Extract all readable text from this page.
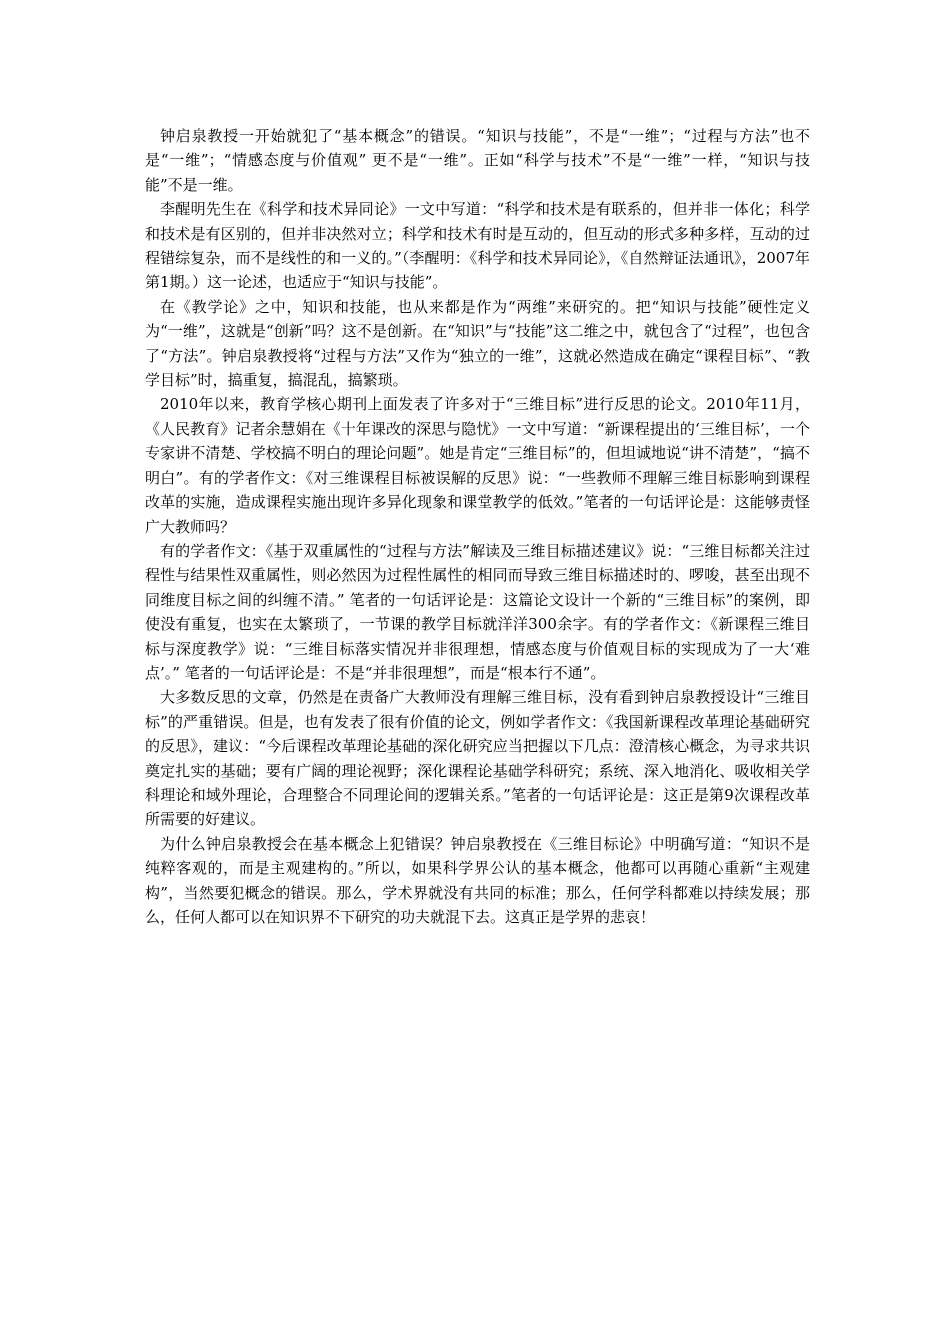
钟启泉教授一开始就犯了“基本概念”的错误。“知识与技能”，不是“一维”；“过程与方法”也不是“一维”；“情感态度与价值观” 更不是“一维”。正如“科学与技术”不是“一维”一样，“知识与技能”不是一维。

李醒明先生在《科学和技术异同论》一文中写道：“科学和技术是有联系的，但并非一体化；科学和技术是有区别的，但并非决然对立；科学和技术有时是互动的，但互动的形式多种多样，互动的过程错综复杂，而不是线性的和一义的。”（李醒明：《科学和技术异同论》，《自然辩证法通讯》，2007年第1期。）这一论述，也适应于“知识与技能”。

在《教学论》之中，知识和技能，也从来都是作为“两维”来研究的。把“知识与技能”硬性定义为“一维”，这就是“创新”吗？这不是创新。在“知识”与“技能”这二维之中，就包含了“过程”，也包含了“方法”。钟启泉教授将“过程与方法”又作为“独立的一维”，这就必然造成在确定“课程目标”、“教学目标”时，搞重复，搞混乱，搞繁琐。

2010年以来，教育学核心期刊上面发表了许多对于“三维目标”进行反思的论文。2010年11月，《人民教育》记者余慧娟在《十年课改的深思与隐忧》一文中写道：“新课程提出的‘三维目标’，一个专家讲不清楚、学校搞不明白的理论问题”。她是肯定“三维目标”的，但坦诚地说“讲不清楚”，“搞不明白”。有的学者作文：《对三维课程目标被误解的反思》说：“一些教师不理解三维目标影响到课程改革的实施，造成课程实施出现许多异化现象和课堂教学的低效。”笔者的一句话评论是：这能够责怪广大教师吗？

有的学者作文：《基于双重属性的“过程与方法”解读及三维目标描述建议》说：“三维目标都关注过程性与结果性双重属性，则必然因为过程性属性的相同而导致三维目标描述时的、啰唆，甚至出现不同维度目标之间的纠缠不清。” 笔者的一句话评论是：这篇论文设计一个新的“三维目标”的案例，即使没有重复，也实在太繁琐了，一节课的教学目标就洋洋300余字。有的学者作文：《新课程三维目标与深度教学》说：“三维目标落实情况并非很理想，情感态度与价值观目标的实现成为了一大‘难点’。” 笔者的一句话评论是：不是“并非很理想”，而是“根本行不通”。

大多数反思的文章，仍然是在责备广大教师没有理解三维目标，没有看到钟启泉教授设计“三维目标”的严重错误。但是，也有发表了很有价值的论文，例如学者作文：《我国新课程改革理论基础研究的反思》，建议：“今后课程改革理论基础的深化研究应当把握以下几点：澄清核心概念，为寻求共识奠定扎实的基础；要有广阔的理论视野；深化课程论基础学科研究；系统、深入地消化、吸收相关学科理论和域外理论，合理整合不同理论间的逻辑关系。”笔者的一句话评论是：这正是第9次课程改革所需要的好建议。

为什么钟启泉教授会在基本概念上犯错误？钟启泉教授在《三维目标论》中明确写道：“知识不是纯粹客观的，而是主观建构的。”所以，如果科学界公认的基本概念，他都可以再随心重新“主观建构”，当然要犯概念的错误。那么，学术界就没有共同的标准；那么，任何学科都难以持续发展；那么，任何人都可以在知识界不下研究的功夫就混下去。这真正是学界的悲哀！
